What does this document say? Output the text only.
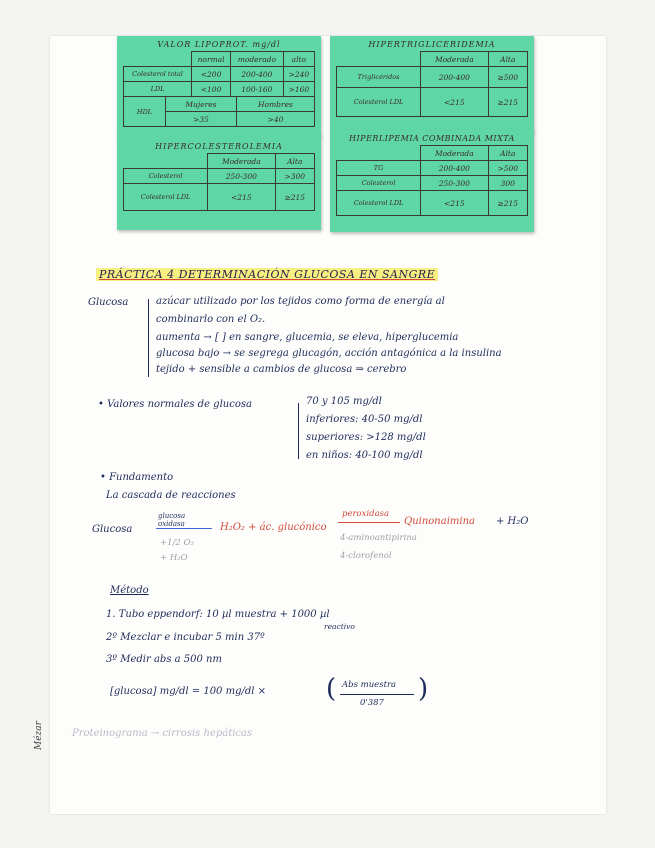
VALOR LIPOPROT. mg/dl
	normal	moderado	alto
Colesterol total	<200	200-400	>240
LDL	<100	100-160	>160
HDL	Mujeres	Hombres
	>35	>40
HIPERCOLESTEROLEMIA
	Moderada	Alta
Colesterol	250-300	>300
Colesterol LDL	<215	≥215
HIPERTRIGLICERIDEMIA
	Moderada	Alta
Triglicéridos	200-400	≥500
Colesterol LDL	<215	≥215
HIPERLIPEMIA COMBINADA MIXTA
	Moderada	Alta
TG	200-400	>500
Colesterol	250-300	300
Colesterol LDL	<215	≥215
PRÁCTICA 4 DETERMINACIÓN GLUCOSA EN SANGRE
Glucosa	azúcar utilizado por los tejidos como forma de energía al
combinarlo con el O₂.
aumenta → [ ] en sangre, glucemia, se eleva, hiperglucemia
glucosa bajo → se segrega glucagón, acción antagónica a la insulina
tejido + sensible a cambios de glucosa ⇒ cerebro
• Valores normales de glucosa	70 y 105 mg/dl
inferiores: 40-50 mg/dl
superiores: >128 mg/dl
en niños: 40-100 mg/dl
• Fundamento
La cascada de reacciones
Glucosa
glucosa oxidasa
+1/2 O₂
+ H₂O
H₂O₂ + ác. glucónico
peroxidasa
4-aminoantipirina
4-clorofenol
Quinonaimina + H₂O
Método
1. Tubo eppendorf: 10 µl muestra + 1000 µl
reactivo
2º Mezclar e incubar 5 min 37º
3º Medir abs a 500 nm
[glucosa] mg/dl = 100 mg/dl × ( Abs muestra
0'387 )
Proteinograma → cirrosis hepáticas
Mézar
